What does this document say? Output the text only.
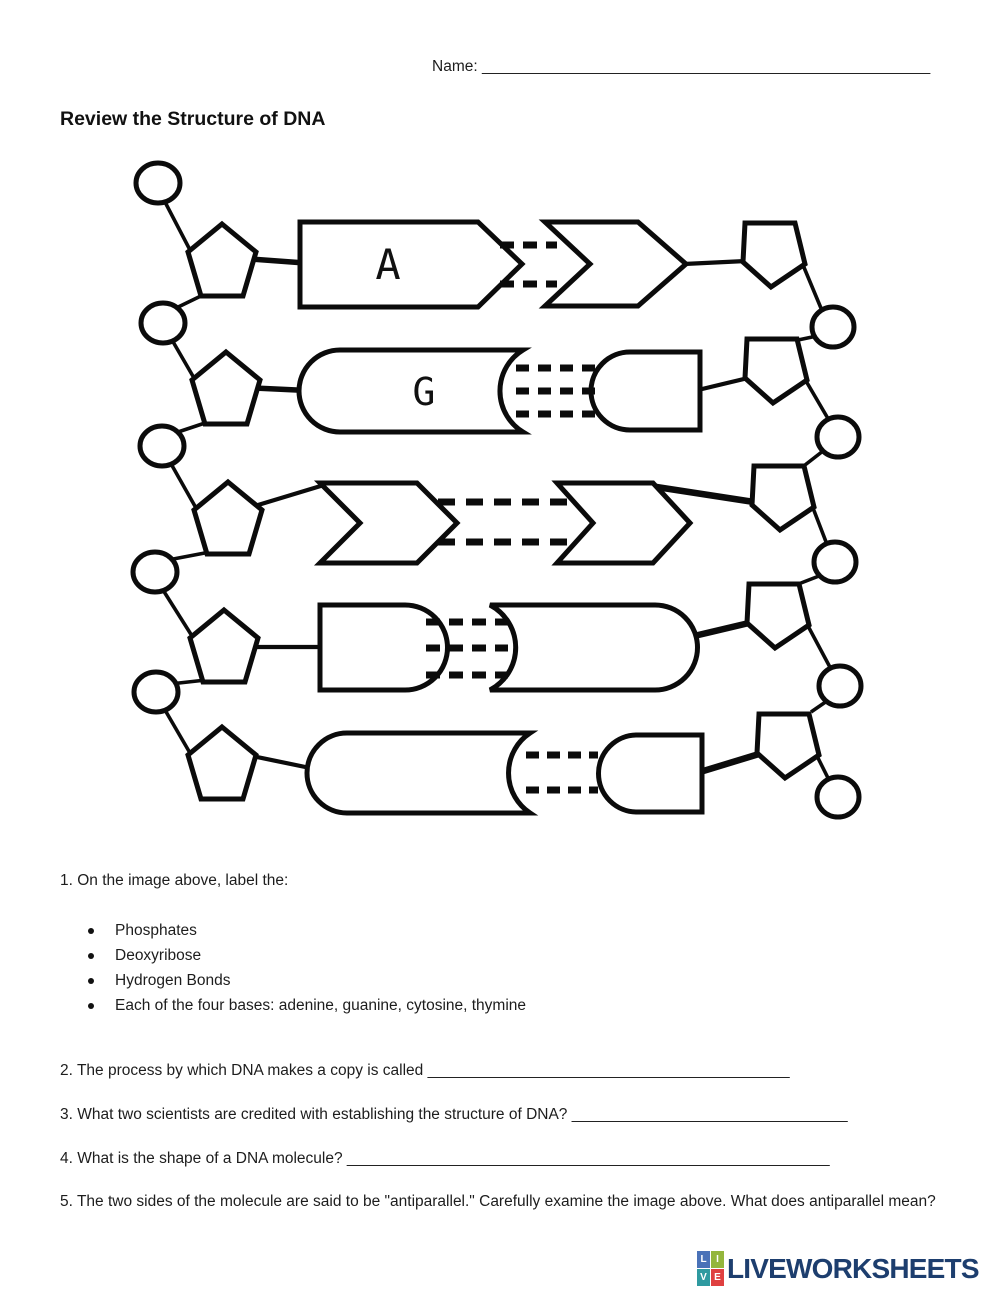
Name: ____________________________________________________
Review the Structure of DNA
A
G
1. On the image above, label the:
Phosphates
Deoxyribose
Hydrogen Bonds
Each of the four bases: adenine, guanine, cytosine, thymine
2. The process by which DNA makes a copy is called __________________________________________
3. What two scientists are credited with establishing the structure of DNA? ________________________________
4. What is the shape of a DNA molecule? ________________________________________________________
5. The two sides of the molecule are said to be "antiparallel." Carefully examine the image above. What does antiparallel mean?
L I
V E LIVEWORKSHEETS
